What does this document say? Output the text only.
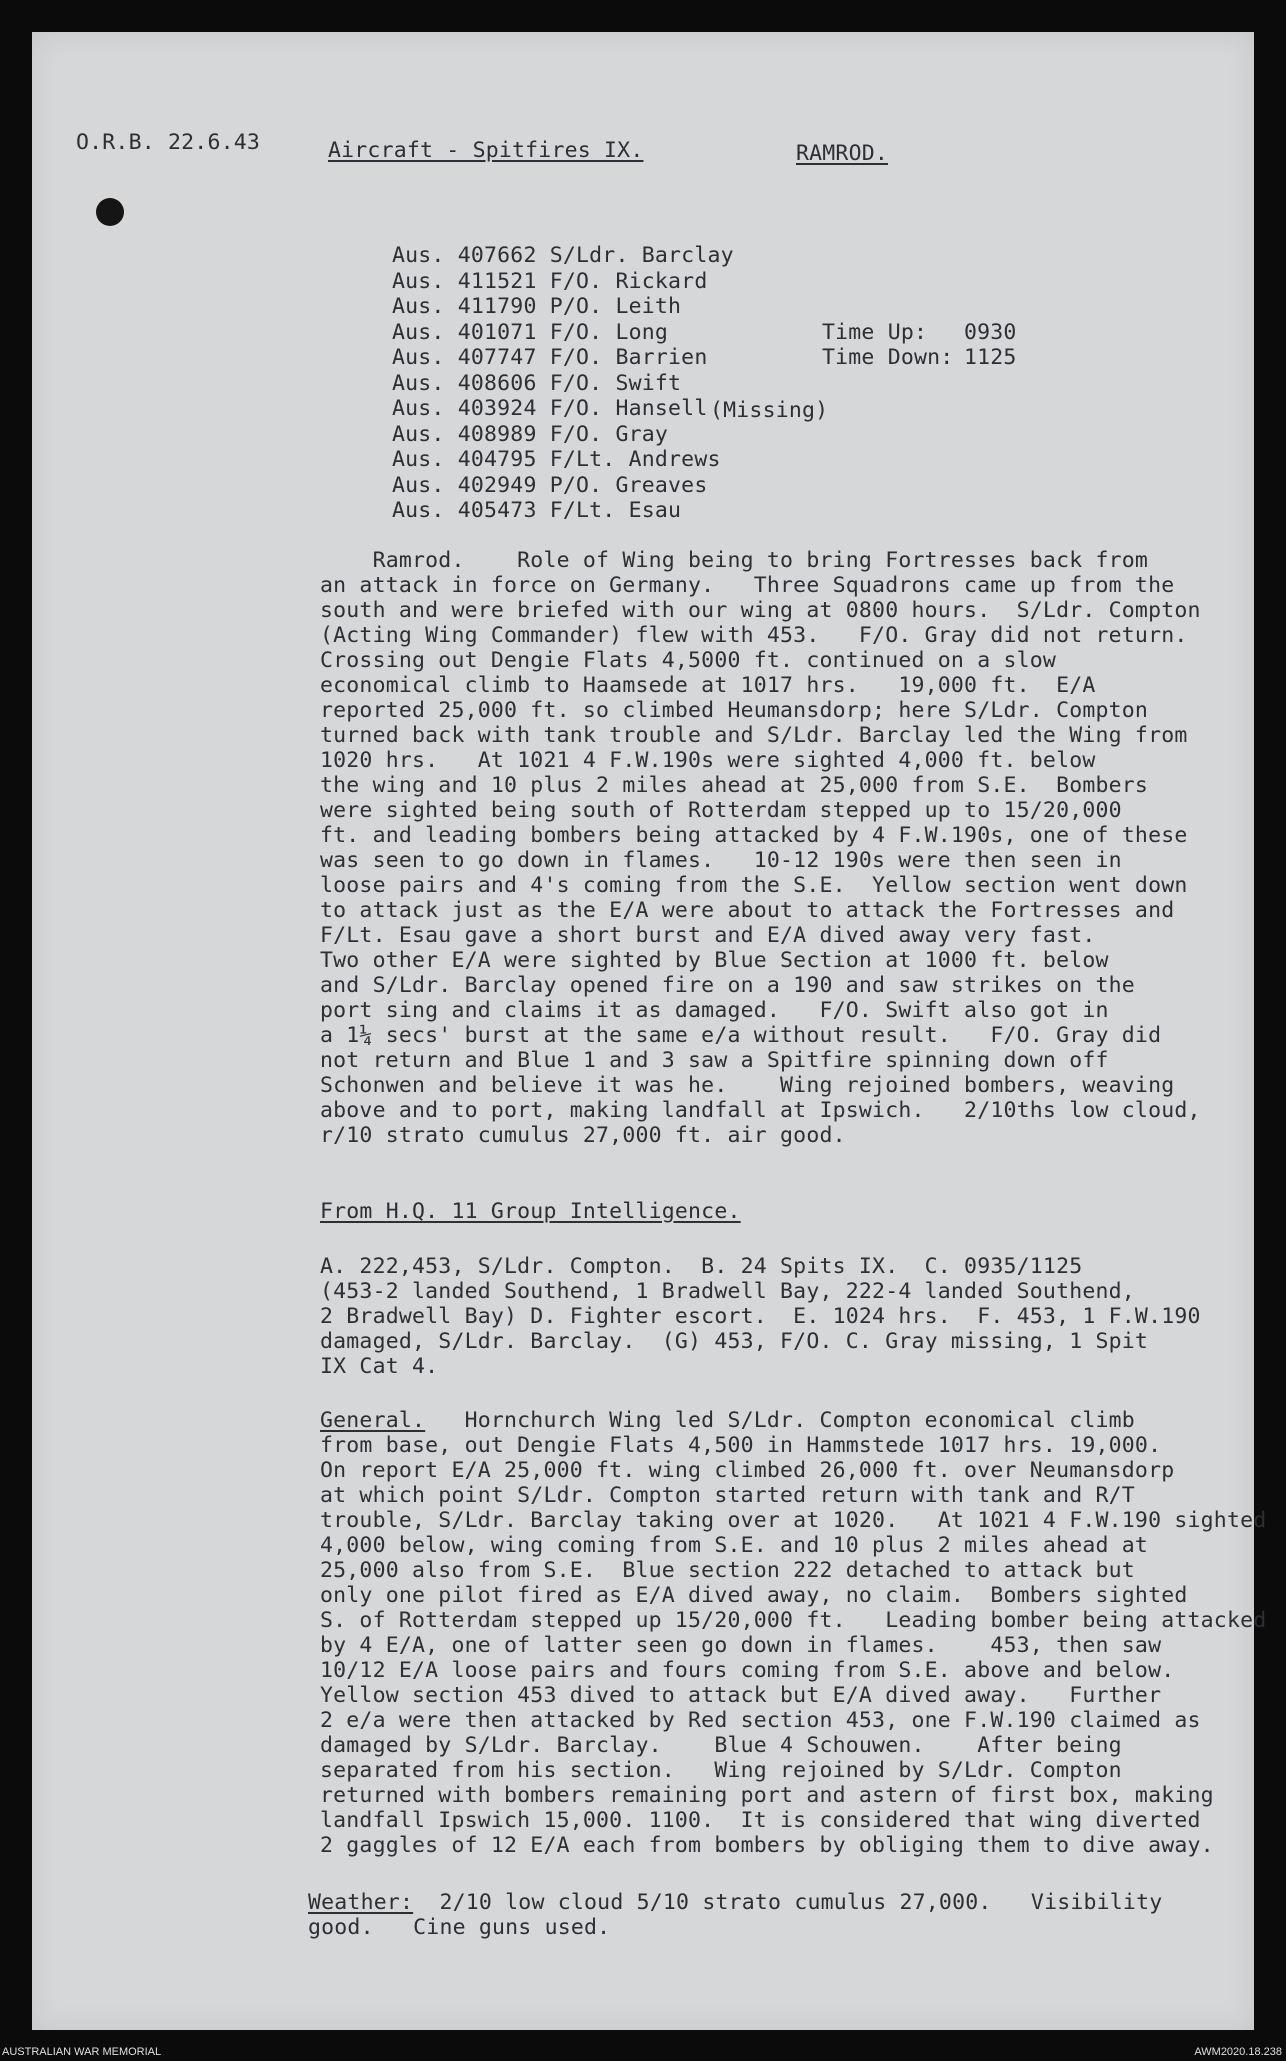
O.R.B. 22.6.43	Aircraft - Spitfires IX.	RAMROD.
Aus. 407662 S/Ldr. Barclay
Aus. 411521 F/O. Rickard
Aus. 411790 P/O. Leith
Aus. 401071 F/O. Long
Aus. 407747 F/O. Barrien
Aus. 408606 F/O. Swift
Aus. 403924 F/O. Hansell
Aus. 408989 F/O. Gray
Aus. 404795 F/Lt. Andrews
Aus. 402949 P/O. Greaves
Aus. 405473 F/Lt. Esau
(Missing)
Time Up: 0930
Time Down: 1125
Ramrod.    Role of Wing being to bring Fortresses back from
an attack in force on Germany.   Three Squadrons came up from the
south and were briefed with our wing at 0800 hours.  S/Ldr. Compton
(Acting Wing Commander) flew with 453.   F/O. Gray did not return.
Crossing out Dengie Flats 4,5000 ft. continued on a slow
economical climb to Haamsede at 1017 hrs.   19,000 ft.  E/A
reported 25,000 ft. so climbed Heumansdorp; here S/Ldr. Compton
turned back with tank trouble and S/Ldr. Barclay led the Wing from
1020 hrs.   At 1021 4 F.W.190s were sighted 4,000 ft. below
the wing and 10 plus 2 miles ahead at 25,000 from S.E.  Bombers
were sighted being south of Rotterdam stepped up to 15/20,000
ft. and leading bombers being attacked by 4 F.W.190s, one of these
was seen to go down in flames.   10-12 190s were then seen in
loose pairs and 4's coming from the S.E.  Yellow section went down
to attack just as the E/A were about to attack the Fortresses and
F/Lt. Esau gave a short burst and E/A dived away very fast.
Two other E/A were sighted by Blue Section at 1000 ft. below
and S/Ldr. Barclay opened fire on a 190 and saw strikes on the
port sing and claims it as damaged.   F/O. Swift also got in
a 1¼ secs' burst at the same e/a without result.   F/O. Gray did
not return and Blue 1 and 3 saw a Spitfire spinning down off
Schonwen and believe it was he.    Wing rejoined bombers, weaving
above and to port, making landfall at Ipswich.   2/10ths low cloud,
r/10 strato cumulus 27,000 ft. air good.
From H.Q. 11 Group Intelligence.
A. 222,453, S/Ldr. Compton.  B. 24 Spits IX.  C. 0935/1125
(453-2 landed Southend, 1 Bradwell Bay, 222-4 landed Southend,
2 Bradwell Bay) D. Fighter escort.  E. 1024 hrs.  F. 453, 1 F.W.190
damaged, S/Ldr. Barclay.  (G) 453, F/O. C. Gray missing, 1 Spit
IX Cat 4.
General.   Hornchurch Wing led S/Ldr. Compton economical climb
from base, out Dengie Flats 4,500 in Hammstede 1017 hrs. 19,000.
On report E/A 25,000 ft. wing climbed 26,000 ft. over Neumansdorp
at which point S/Ldr. Compton started return with tank and R/T
trouble, S/Ldr. Barclay taking over at 1020.   At 1021 4 F.W.190 sighted
4,000 below, wing coming from S.E. and 10 plus 2 miles ahead at
25,000 also from S.E.  Blue section 222 detached to attack but
only one pilot fired as E/A dived away, no claim.  Bombers sighted
S. of Rotterdam stepped up 15/20,000 ft.   Leading bomber being attacked
by 4 E/A, one of latter seen go down in flames.    453, then saw
10/12 E/A loose pairs and fours coming from S.E. above and below.
Yellow section 453 dived to attack but E/A dived away.   Further
2 e/a were then attacked by Red section 453, one F.W.190 claimed as
damaged by S/Ldr. Barclay.    Blue 4 Schouwen.    After being
separated from his section.   Wing rejoined by S/Ldr. Compton
returned with bombers remaining port and astern of first box, making
landfall Ipswich 15,000. 1100.  It is considered that wing diverted
2 gaggles of 12 E/A each from bombers by obliging them to dive away.
Weather:  2/10 low cloud 5/10 strato cumulus 27,000.   Visibility
good.   Cine guns used.
AUSTRALIAN WAR MEMORIAL	AWM2020.18.238
